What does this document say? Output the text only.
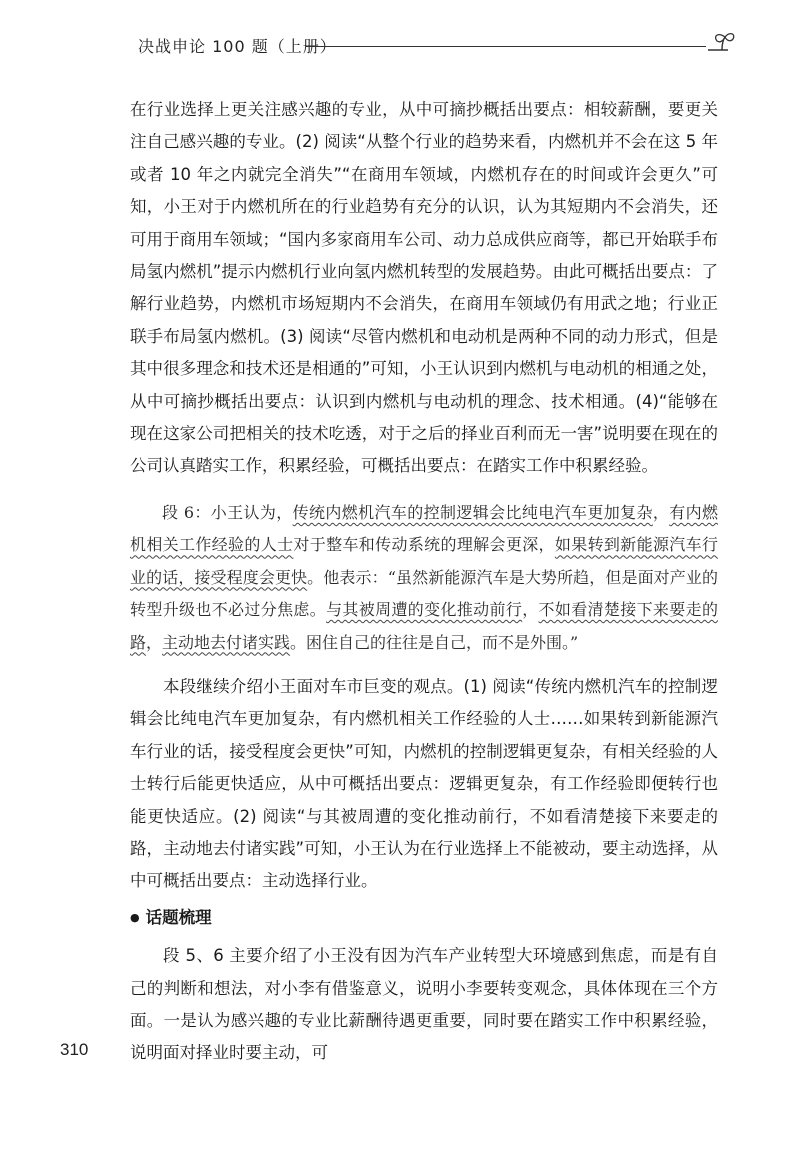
决战申论 100 题（上册）

在行业选择上更关注感兴趣的专业，从中可摘抄概括出要点：相较薪酬，要更关注自己感兴趣的专业。(2) 阅读“从整个行业的趋势来看，内燃机并不会在这 5 年或者 10 年之内就完全消失”“在商用车领域，内燃机存在的时间或许会更久”可知，小王对于内燃机所在的行业趋势有充分的认识，认为其短期内不会消失，还可用于商用车领域；“国内多家商用车公司、动力总成供应商等，都已开始联手布局氢内燃机”提示内燃机行业向氢内燃机转型的发展趋势。由此可概括出要点：了解行业趋势，内燃机市场短期内不会消失，在商用车领域仍有用武之地；行业正联手布局氢内燃机。(3) 阅读“尽管内燃机和电动机是两种不同的动力形式，但是其中很多理念和技术还是相通的”可知，小王认识到内燃机与电动机的相通之处，从中可摘抄概括出要点：认识到内燃机与电动机的理念、技术相通。(4)“能够在现在这家公司把相关的技术吃透，对于之后的择业百利而无一害”说明要在现在的公司认真踏实工作，积累经验，可概括出要点：在踏实工作中积累经验。

段 6：小王认为，传统内燃机汽车的控制逻辑会比纯电汽车更加复杂，有内燃机相关工作经验的人士对于整车和传动系统的理解会更深，如果转到新能源汽车行业的话，接受程度会更快。他表示：“虽然新能源汽车是大势所趋，但是面对产业的转型升级也不必过分焦虑。与其被周遭的变化推动前行，不如看清楚接下来要走的路，主动地去付诸实践。困住自己的往往是自己，而不是外围。”

本段继续介绍小王面对车市巨变的观点。(1) 阅读“传统内燃机汽车的控制逻辑会比纯电汽车更加复杂，有内燃机相关工作经验的人士……如果转到新能源汽车行业的话，接受程度会更快”可知，内燃机的控制逻辑更复杂，有相关经验的人士转行后能更快适应，从中可概括出要点：逻辑更复杂，有工作经验即便转行也能更快适应。(2) 阅读“与其被周遭的变化推动前行，不如看清楚接下来要走的路，主动地去付诸实践”可知，小王认为在行业选择上不能被动，要主动选择，从中可概括出要点：主动选择行业。

● 话题梳理

段 5、6 主要介绍了小王没有因为汽车产业转型大环境感到焦虑，而是有自己的判断和想法，对小李有借鉴意义，说明小李要转变观念，具体体现在三个方面。一是认为感兴趣的专业比薪酬待遇更重要，同时要在踏实工作中积累经验，说明面对择业时要主动，可

310
